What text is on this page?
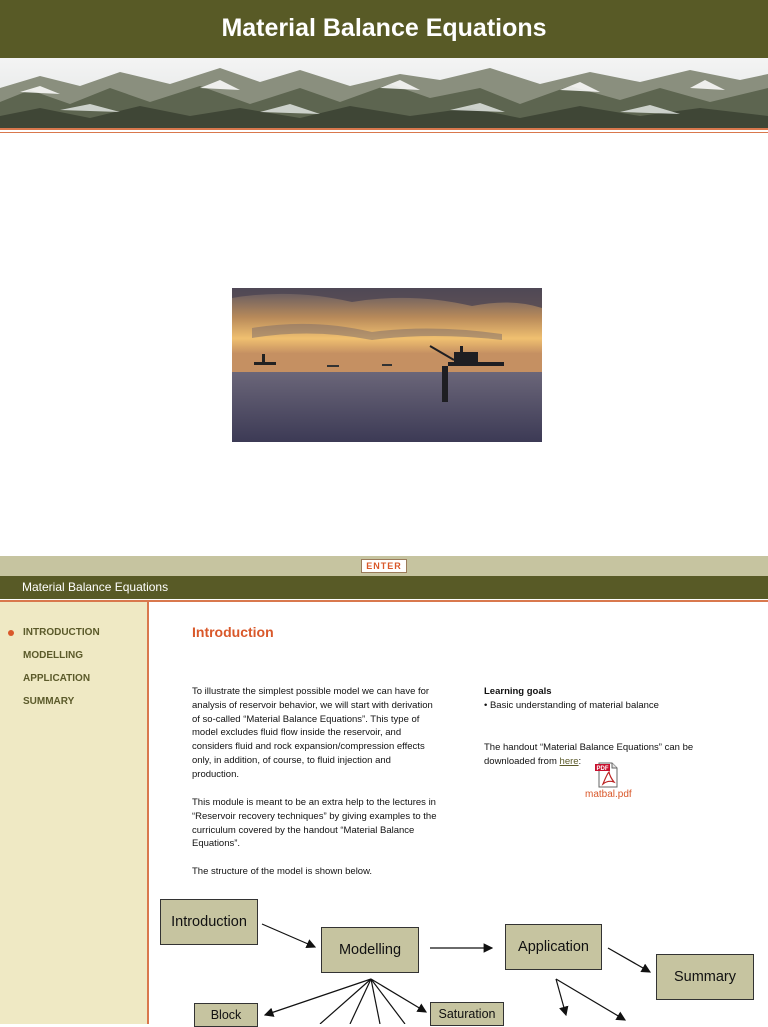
Material Balance Equations
ENTER
Material Balance Equations
INTRODUCTION
MODELLING
APPLICATION
SUMMARY
Introduction
To illustrate the simplest possible model we can have for analysis of reservoir behavior, we will start with derivation of so-called “Material Balance Equations”. This type of model excludes fluid flow inside the reservoir, and considers fluid and rock expansion/compression effects only, in addition, of course, to fluid injection and production.
This module is meant to be an extra help to the lectures in “Reservoir recovery techniques” by giving examples to the curriculum covered by the handout “Material Balance Equations”.
The structure of the model is shown below.
Learning goals
• Basic understanding of material balance
The handout “Material Balance Equations” can be downloaded from here:
PDF
matbal.pdf
Introduction
Modelling	Application
Summary
Block	Saturation
